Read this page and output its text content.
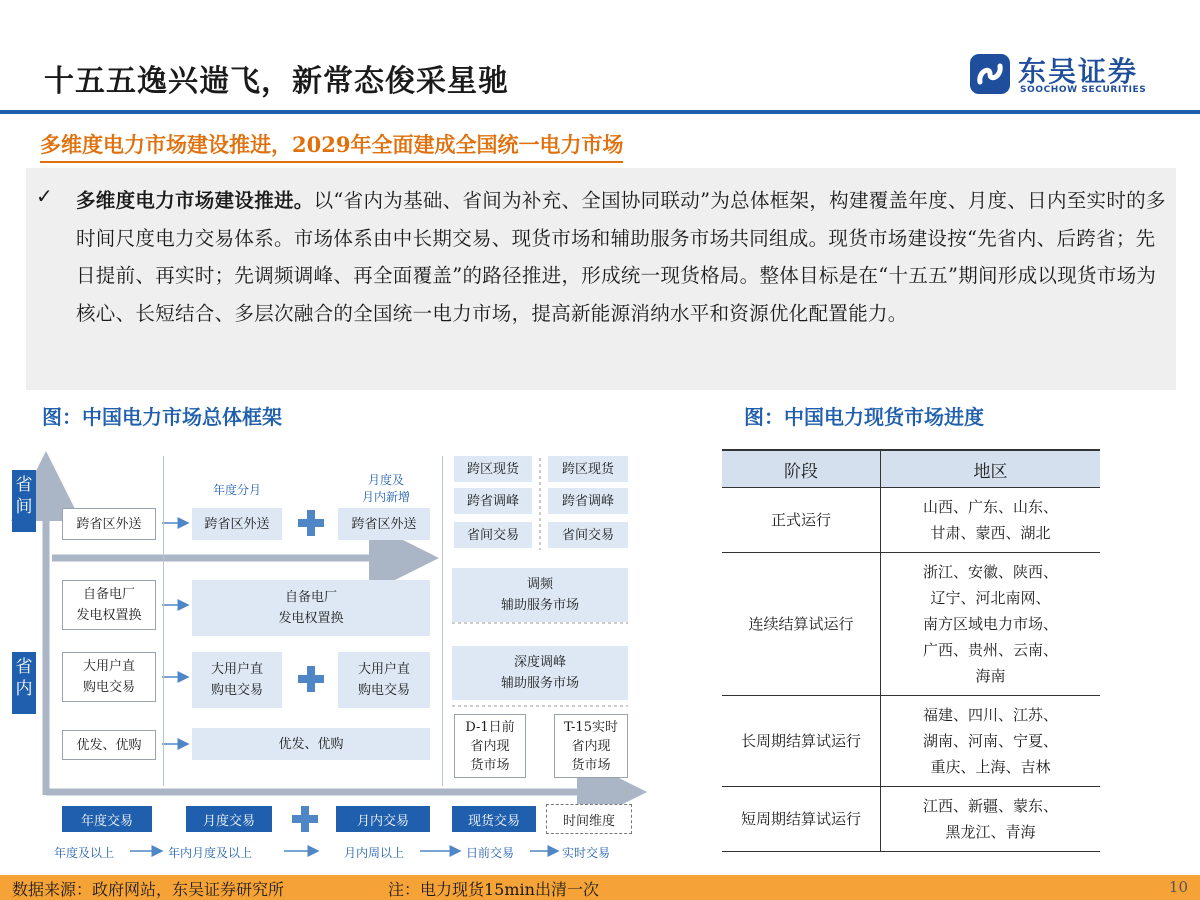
十五五逸兴遄飞，新常态俊采星驰	东吴证券
SOOCHOW SECURITIES
多维度电力市场建设推进，2029年全面建成全国统一电力市场
✓ 多维度电力市场建设推进。以“省内为基础、省间为补充、全国协同联动”为总体框架，构建覆盖年度、月度、日内至实时的多时间尺度电力交易体系。市场体系由中长期交易、现货市场和辅助服务市场共同组成。现货市场建设按“先省内、后跨省；先日提前、再实时；先调频调峰、再全面覆盖”的路径推进，形成统一现货格局。整体目标是在“十五五”期间形成以现货市场为核心、长短结合、多层次融合的全国统一电力市场，提高新能源消纳水平和资源优化配置能力。
图：中国电力市场总体框架	图：中国电力现货市场进度
省
间
省
内
年度分月
月度及
月内新增
跨省区外送
自备电厂
发电权置换
大用户直
购电交易
优发、优购
跨省区外送
自备电厂
发电权置换
大用户直
购电交易
优发、优购
跨省区外送
大用户直
购电交易
跨区现货
跨省调峰
省间交易
跨区现货
跨省调峰
省间交易
调频
辅助服务市场
深度调峰
辅助服务市场
D-1日前
省内现
货市场
T-15实时
省内现
货市场
年度交易	月度交易	月内交易	现货交易	时间维度
年度及以上	年内月度及以上	月内周以上	日前交易	实时交易
阶段	地区
正式运行	山西、广东、山东、
甘肃、蒙西、湖北
连续结算试运行	浙江、安徽、陕西、
辽宁、河北南网、
南方区域电力市场、
广西、贵州、云南、
海南
长周期结算试运行	福建、四川、江苏、
湖南、河南、宁夏、
重庆、上海、吉林
短周期结算试运行	江西、新疆、蒙东、
黑龙江、青海
数据来源：政府网站，东吴证券研究所	注：电力现货15min出清一次	10
